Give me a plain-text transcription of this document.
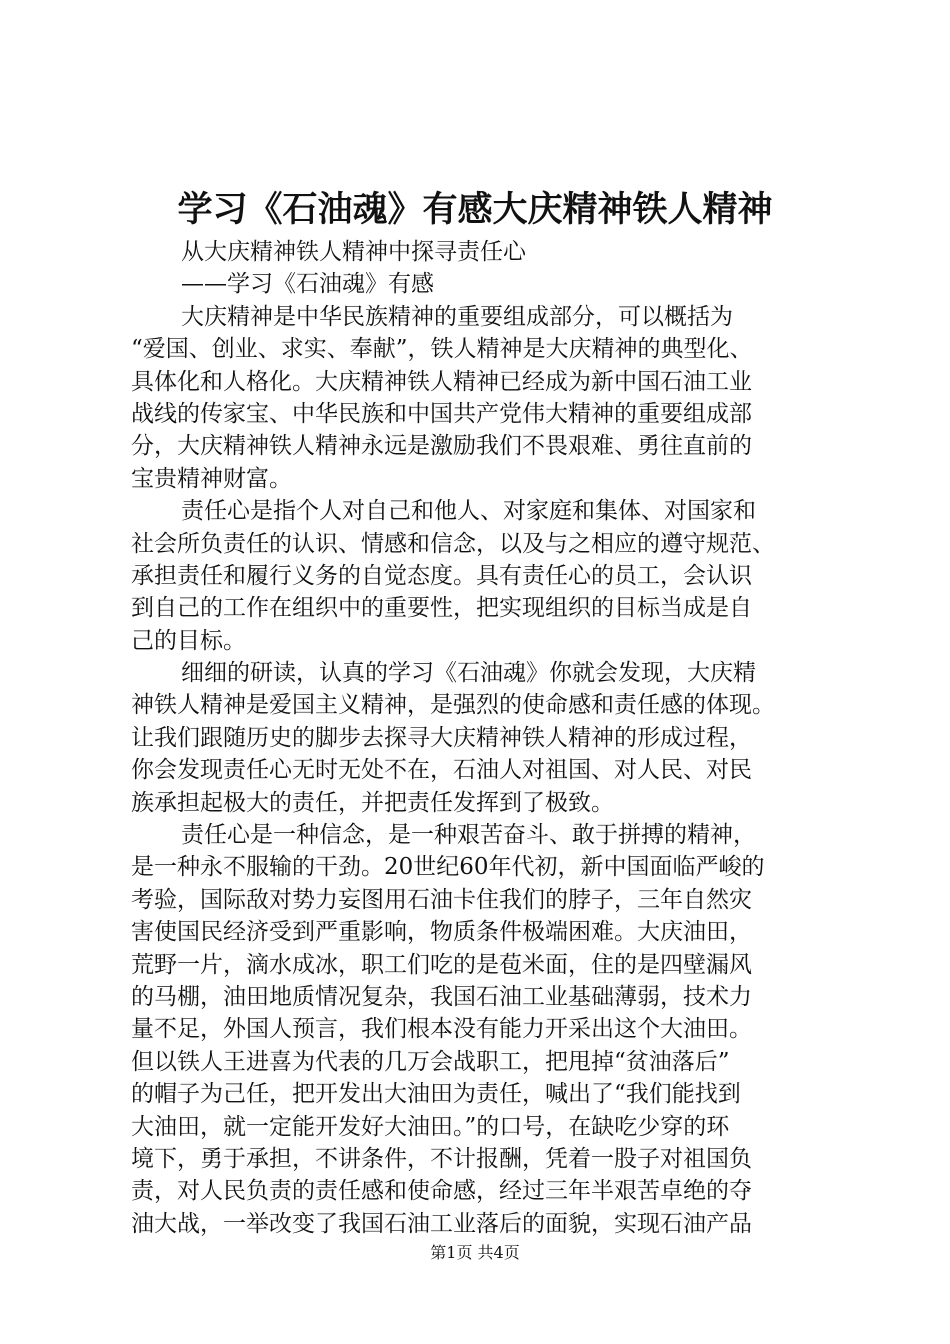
学习《石油魂》有感大庆精神铁人精神
从大庆精神铁人精神中探寻责任心
——学习《石油魂》有感
大庆精神是中华民族精神的重要组成部分，可以概括为
“爱国、创业、求实、奉献”，铁人精神是大庆精神的典型化、
具体化和人格化。大庆精神铁人精神已经成为新中国石油工业
战线的传家宝、中华民族和中国共产党伟大精神的重要组成部
分，大庆精神铁人精神永远是激励我们不畏艰难、勇往直前的
宝贵精神财富。
责任心是指个人对自己和他人、对家庭和集体、对国家和
社会所负责任的认识、情感和信念，以及与之相应的遵守规范、
承担责任和履行义务的自觉态度。具有责任心的员工，会认识
到自己的工作在组织中的重要性，把实现组织的目标当成是自
己的目标。
细细的研读，认真的学习《石油魂》你就会发现，大庆精
神铁人精神是爱国主义精神，是强烈的使命感和责任感的体现。
让我们跟随历史的脚步去探寻大庆精神铁人精神的形成过程，
你会发现责任心无时无处不在，石油人对祖国、对人民、对民
族承担起极大的责任，并把责任发挥到了极致。
责任心是一种信念，是一种艰苦奋斗、敢于拼搏的精神，
是一种永不服输的干劲。20世纪60年代初，新中国面临严峻的
考验，国际敌对势力妄图用石油卡住我们的脖子，三年自然灾
害使国民经济受到严重影响，物质条件极端困难。大庆油田，
荒野一片，滴水成冰，职工们吃的是苞米面，住的是四壁漏风
的马棚，油田地质情况复杂，我国石油工业基础薄弱，技术力
量不足，外国人预言，我们根本没有能力开采出这个大油田。
但以铁人王进喜为代表的几万会战职工，把甩掉“贫油落后”
的帽子为己任，把开发出大油田为责任，喊出了“我们能找到
大油田，就一定能开发好大油田。”的口号，在缺吃少穿的环
境下，勇于承担，不讲条件，不计报酬，凭着一股子对祖国负
责，对人民负责的责任感和使命感，经过三年半艰苦卓绝的夺
油大战，一举改变了我国石油工业落后的面貌，实现石油产品
第1页 共4页
